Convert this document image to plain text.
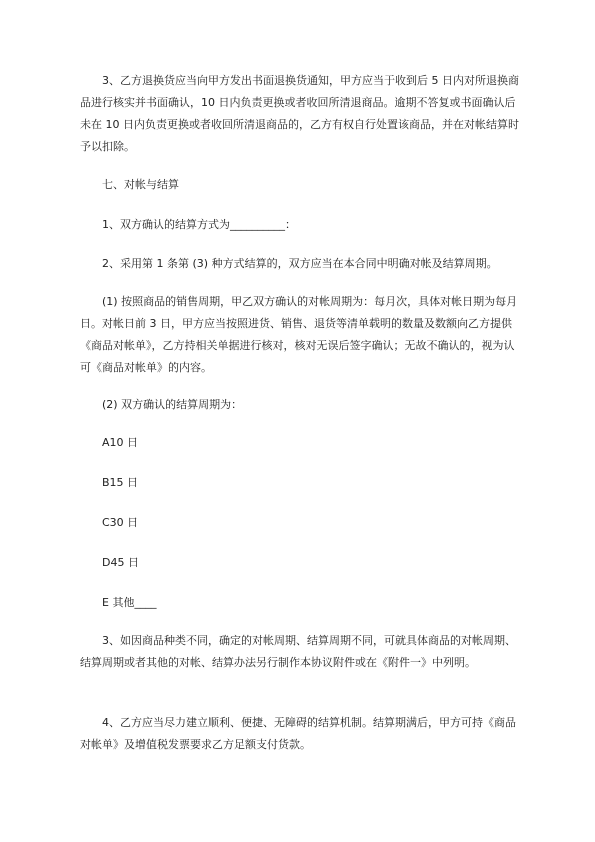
3、乙方退换货应当向甲方发出书面退换货通知，甲方应当于收到后 5 日内对所退换商品进行核实并书面确认，10 日内负责更换或者收回所清退商品。逾期不答复或书面确认后未在 10 日内负责更换或者收回所清退商品的，乙方有权自行处置该商品，并在对帐结算时予以扣除。

七、对帐与结算

1、双方确认的结算方式为__________：

2、采用第 1 条第 (3) 种方式结算的，双方应当在本合同中明确对帐及结算周期。

(1) 按照商品的销售周期，甲乙双方确认的对帐周期为：每月次，具体对帐日期为每月日。对帐日前 3 日，甲方应当按照进货、销售、退货等清单载明的数量及数额向乙方提供《商品对帐单》，乙方持相关单据进行核对，核对无误后签字确认；无故不确认的，视为认可《商品对帐单》的内容。

(2) 双方确认的结算周期为：

A10 日

B15 日

C30 日

D45 日

E 其他____

3、如因商品种类不同，确定的对帐周期、结算周期不同，可就具体商品的对帐周期、结算周期或者其他的对帐、结算办法另行制作本协议附件或在《附件一》中列明。

4、乙方应当尽力建立顺利、便捷、无障碍的结算机制。结算期满后，甲方可持《商品对帐单》及增值税发票要求乙方足额支付货款。
